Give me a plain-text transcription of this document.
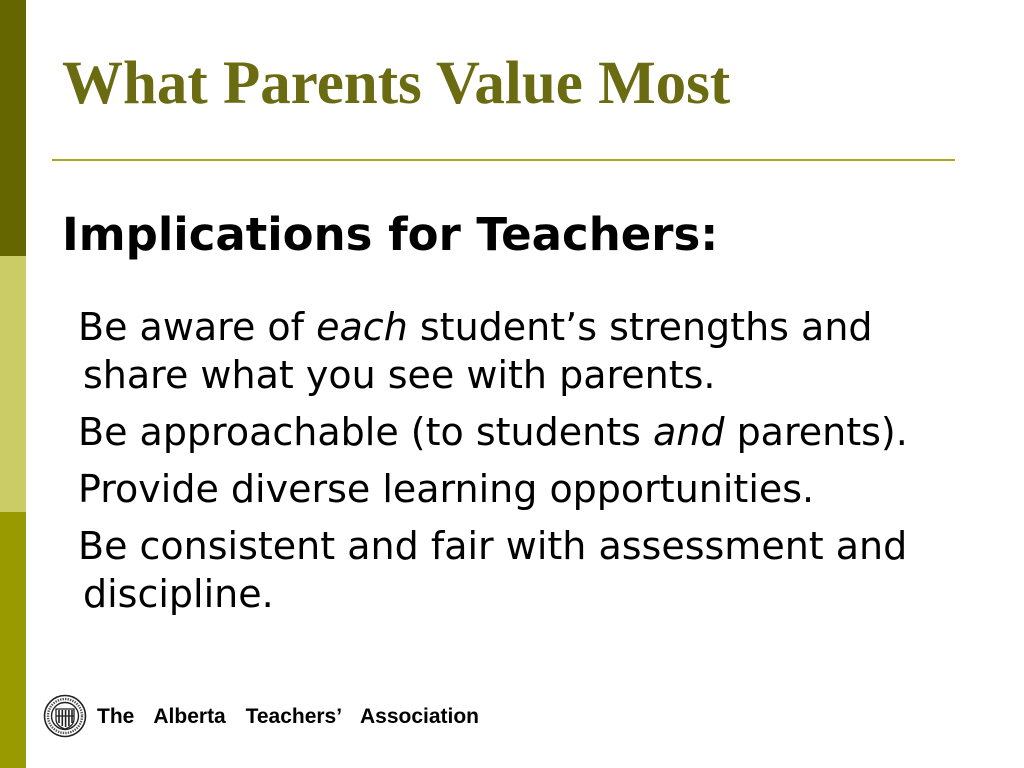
What Parents Value Most
Implications for Teachers:
Be aware of each student’s strengths and
share what you see with parents.
Be approachable (to students and parents).
Provide diverse learning opportunities.
Be consistent and fair with assessment and
discipline.
The Alberta Teachers’ Association
